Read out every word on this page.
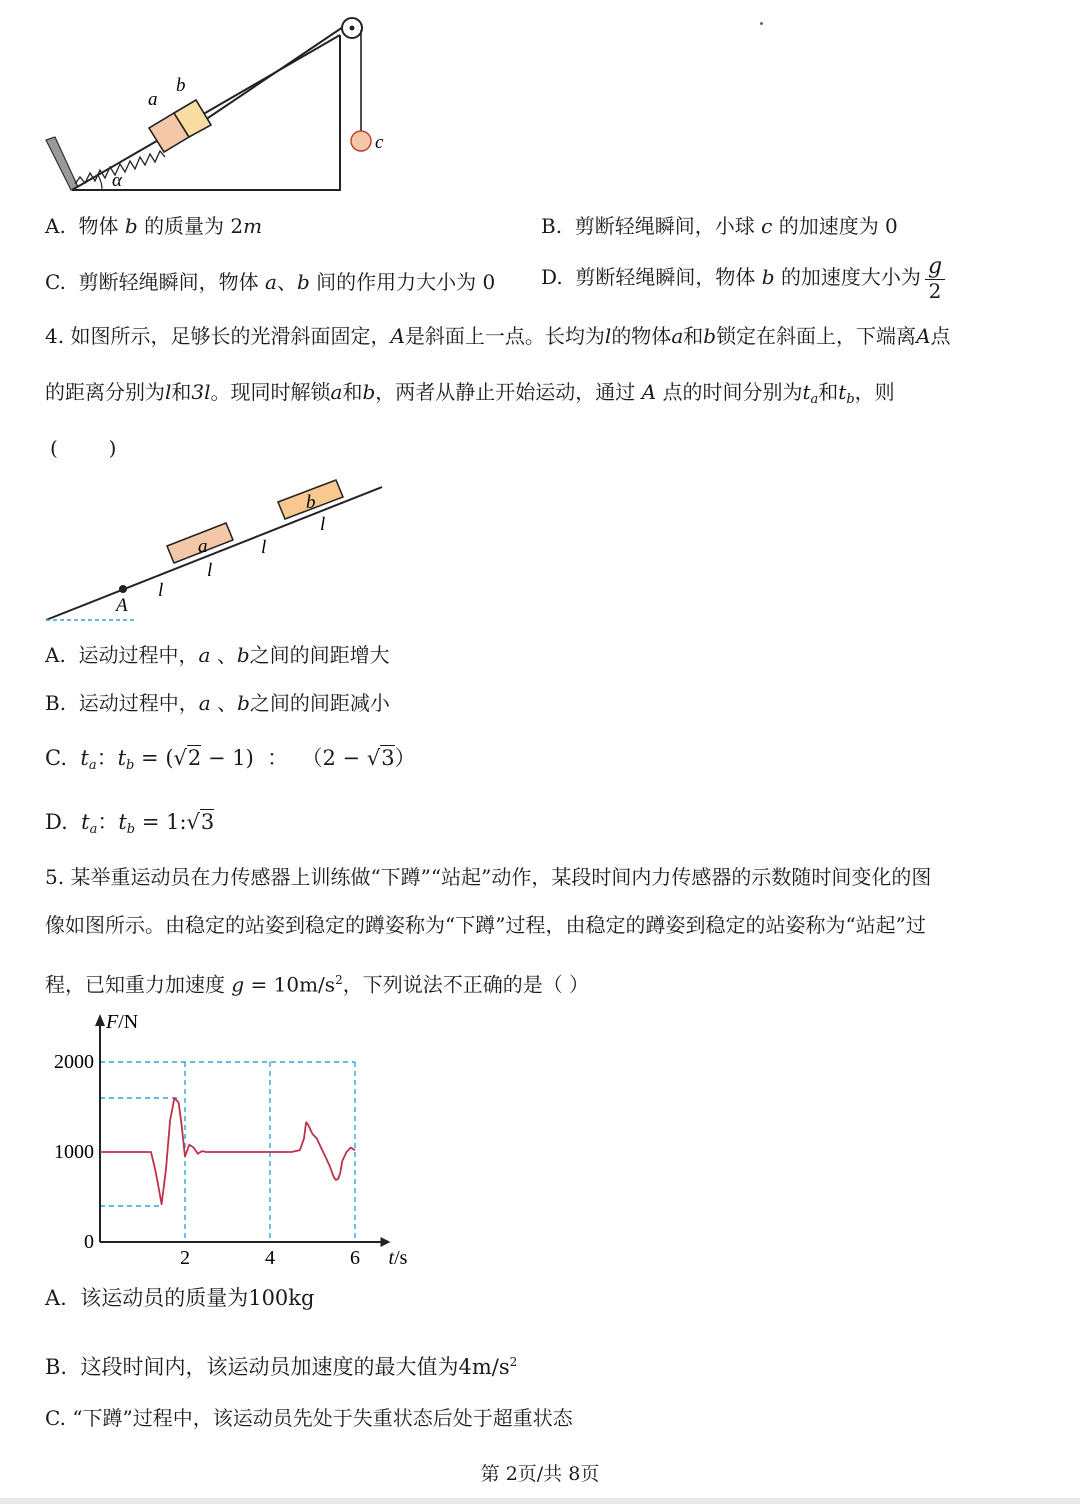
a
b
c
α
A. 物体 b 的质量为 2m	B. 剪断轻绳瞬间，小球 c 的加速度为 0
C. 剪断轻绳瞬间，物体 a、b 间的作用力大小为 0 D. 剪断轻绳瞬间，物体 b 的加速度大小为 $\frac{g}{2}$
4. 如图所示，足够长的光滑斜面固定，A是斜面上一点。长均为l的物体a和b锁定在斜面上，下端离A点
的距离分别为l和3l。现同时解锁a和b，两者从静止开始运动，通过 A 点的时间分别为$t_a$和$t_b$，则
(        )
a
b
A
l
l
l
l
A. 运动过程中，a 、b之间的间距增大
B. 运动过程中，a 、b之间的间距减小
C. $t_a$：$t_b = (√2 - 1)$ ： （2 − √3）
D. $t_a$：$t_b$ = 1:√3
5. 某举重运动员在力传感器上训练做“下蹲”“站起”动作，某段时间内力传感器的示数随时间变化的图
像如图所示。由稳定的站姿到稳定的蹲姿称为“下蹲”过程，由稳定的蹲姿到稳定的站姿称为“站起”过
程，已知重力加速度 $g = 10m/s^2$，下列说法不正确的是（ ）
2	4	6
0
1000
2000
F/N
t/s
A. 该运动员的质量为100kg
B. 这段时间内，该运动员加速度的最大值为$4m/s^2$
C. “下蹲”过程中，该运动员先处于失重状态后处于超重状态
第 2页/共 8页
